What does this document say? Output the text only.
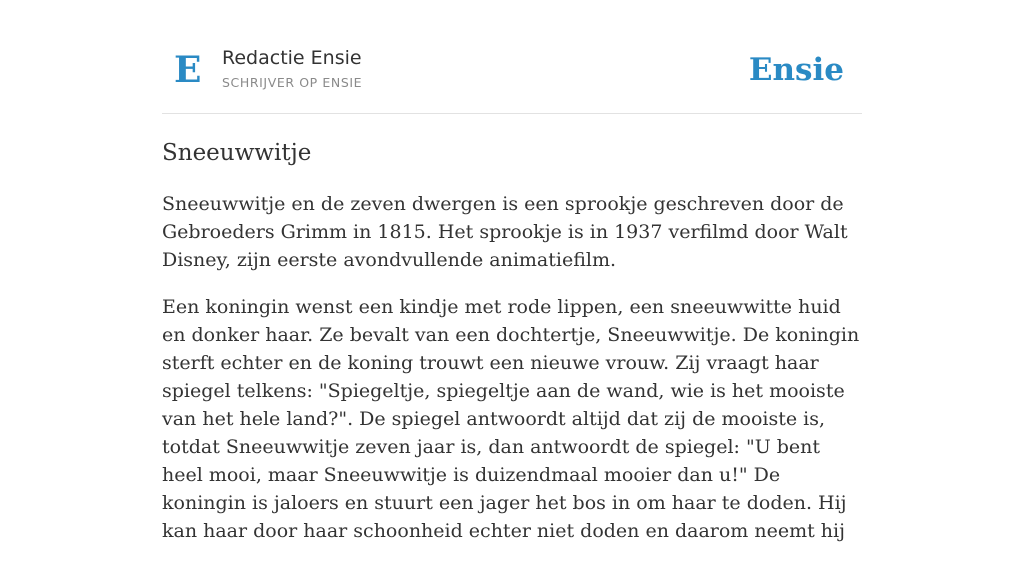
E Redactie Ensie
SCHRIJVER OP ENSIE	Ensie
Sneeuwwitje

Sneeuwwitje en de zeven dwergen is een sprookje geschreven door de Gebroeders Grimm in 1815. Het sprookje is in 1937 verfilmd door Walt Disney, zijn eerste avondvullende animatiefilm.

Een koningin wenst een kindje met rode lippen, een sneeuwwitte huid en donker haar. Ze bevalt van een dochtertje, Sneeuwwitje. De koningin sterft echter en de koning trouwt een nieuwe vrouw. Zij vraagt haar spiegel telkens: "Spiegeltje, spiegeltje aan de wand, wie is het mooiste van het hele land?". De spiegel antwoordt altijd dat zij de mooiste is, totdat Sneeuwwitje zeven jaar is, dan antwoordt de spiegel: "U bent heel mooi, maar Sneeuwwitje is duizendmaal mooier dan u!" De koningin is jaloers en stuurt een jager het bos in om haar te doden. Hij kan haar door haar schoonheid echter niet doden en daarom neemt hij
